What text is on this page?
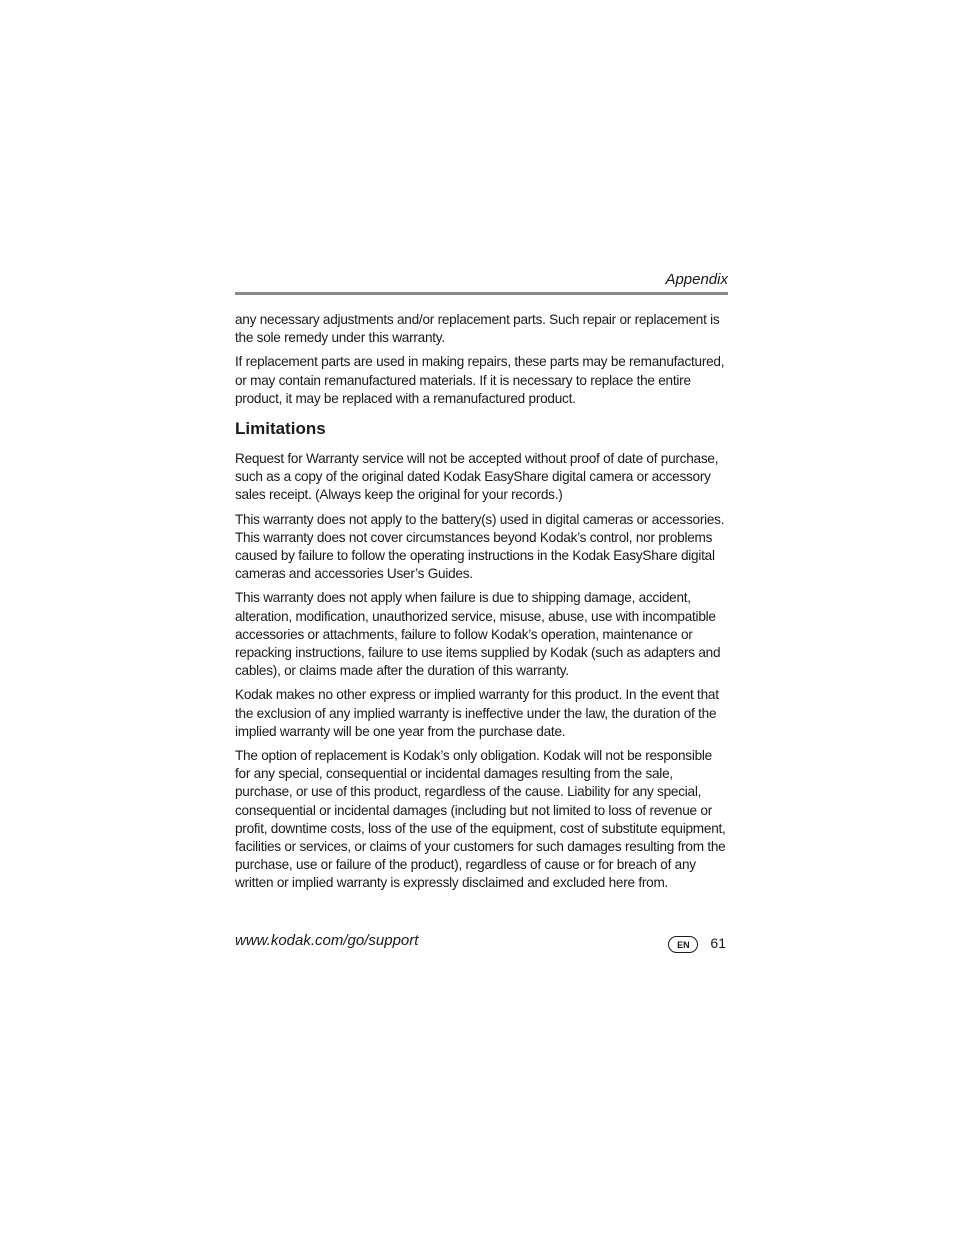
Appendix

any necessary adjustments and/or replacement parts. Such repair or replacement is the sole remedy under this warranty.

If replacement parts are used in making repairs, these parts may be remanufactured, or may contain remanufactured materials. If it is necessary to replace the entire product, it may be replaced with a remanufactured product.

Limitations

Request for Warranty service will not be accepted without proof of date of purchase, such as a copy of the original dated Kodak EasyShare digital camera or accessory sales receipt. (Always keep the original for your records.)

This warranty does not apply to the battery(s) used in digital cameras or accessories. This warranty does not cover circumstances beyond Kodak’s control, nor problems caused by failure to follow the operating instructions in the Kodak EasyShare digital cameras and accessories User’s Guides.

This warranty does not apply when failure is due to shipping damage, accident, alteration, modification, unauthorized service, misuse, abuse, use with incompatible accessories or attachments, failure to follow Kodak’s operation, maintenance or repacking instructions, failure to use items supplied by Kodak (such as adapters and cables), or claims made after the duration of this warranty.

Kodak makes no other express or implied warranty for this product. In the event that the exclusion of any implied warranty is ineffective under the law, the duration of the implied warranty will be one year from the purchase date.

The option of replacement is Kodak’s only obligation. Kodak will not be responsible for any special, consequential or incidental damages resulting from the sale, purchase, or use of this product, regardless of the cause. Liability for any special, consequential or incidental damages (including but not limited to loss of revenue or profit, downtime costs, loss of the use of the equipment, cost of substitute equipment, facilities or services, or claims of your customers for such damages resulting from the purchase, use or failure of the product), regardless of cause or for breach of any written or implied warranty is expressly disclaimed and excluded here from.

www.kodak.com/go/support	EN	61
